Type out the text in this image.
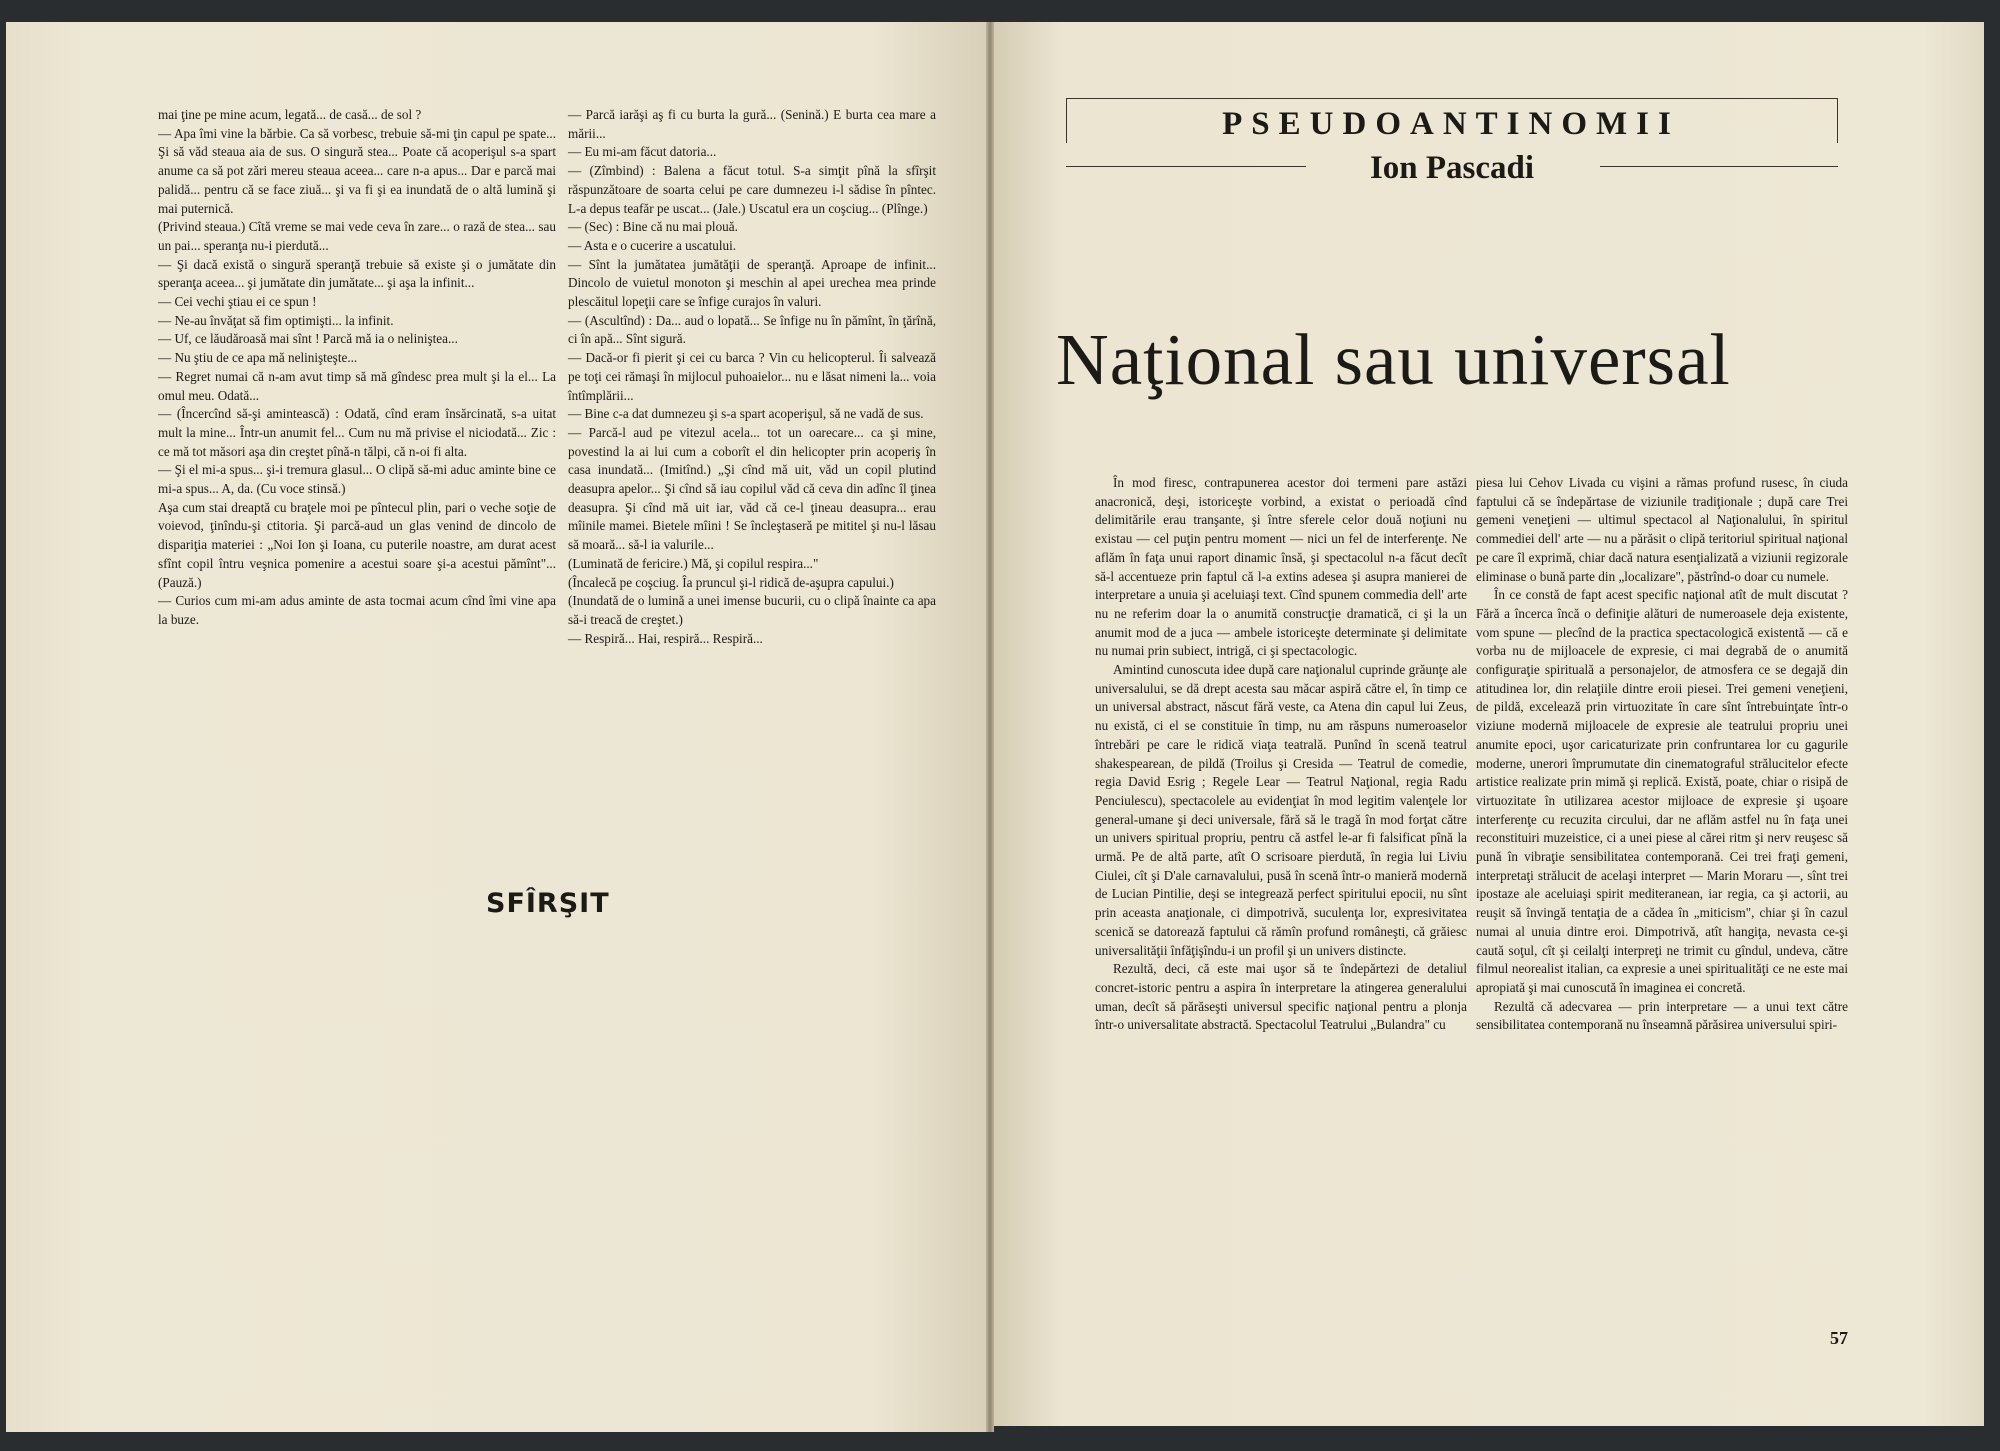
mai ţine pe mine acum, legată... de casă... de sol ?

— Apa îmi vine la bărbie. Ca să vorbesc, trebuie să-mi ţin capul pe spate... Şi să văd steaua aia de sus. O singură stea... Poate că acoperişul s-a spart anume ca să pot zări mereu steaua aceea... care n-a apus... Dar e parcă mai palidă... pentru că se face ziuă... şi va fi şi ea inundată de o altă lumină şi mai puternică.

(Privind steaua.) Cîtă vreme se mai vede ceva în zare... o rază de stea... sau un pai... speranţa nu-i pierdută...

— Şi dacă există o singură speranţă trebuie să existe şi o jumătate din speranţa aceea... şi jumătate din jumătate... şi aşa la infinit...

— Cei vechi ştiau ei ce spun !

— Ne-au învăţat să fim optimişti... la infinit.

— Uf, ce lăudăroasă mai sînt ! Parcă mă ia o neliniştea...

— Nu ştiu de ce apa mă nelinişteşte...

— Regret numai că n-am avut timp să mă gîndesc prea mult şi la el... La omul meu. Odată...

— (Încercînd să-şi amintească) : Odată, cînd eram însărcinată, s-a uitat mult la mine... Într-un anumit fel... Cum nu mă privise el niciodată... Zic : ce mă tot măsori aşa din creştet pînă-n tălpi, că n-oi fi alta.

— Şi el mi-a spus... şi-i tremura glasul... O clipă să-mi aduc aminte bine ce mi-a spus... A, da. (Cu voce stinsă.)

Aşa cum stai dreaptă cu braţele moi pe pîntecul plin, pari o veche soţie de voievod, ţinîndu-şi ctitoria. Şi parcă-aud un glas venind de dincolo de dispariţia materiei : „Noi Ion şi Ioana, cu puterile noastre, am durat acest sfînt copil întru veşnica pomenire a acestui soare şi-a acestui pămînt"... (Pauză.)

— Curios cum mi-am adus aminte de asta tocmai acum cînd îmi vine apa la buze.

— Parcă iarăşi aş fi cu burta la gură... (Senină.) E burta cea mare a mării...

— Eu mi-am făcut datoria...

— (Zîmbind) : Balena a făcut totul. S-a simţit pînă la sfîrşit răspunzătoare de soarta celui pe care dumnezeu i-l sădise în pîntec. L-a depus teafăr pe uscat... (Jale.) Uscatul era un coşciug... (Plînge.)

— (Sec) : Bine că nu mai plouă.

— Asta e o cucerire a uscatului.

— Sînt la jumătatea jumătăţii de speranţă. Aproape de infinit... Dincolo de vuietul monoton şi meschin al apei urechea mea prinde plescăitul lopeţii care se înfige curajos în valuri.

— (Ascultînd) : Da... aud o lopată... Se înfige nu în pămînt, în ţărînă, ci în apă... Sînt sigură.

— Dacă-or fi pierit şi cei cu barca ? Vin cu helicopterul. Îi salvează pe toţi cei rămaşi în mijlocul puhoaielor... nu e lăsat nimeni la... voia întîmplării...

— Bine c-a dat dumnezeu şi s-a spart acoperişul, să ne vadă de sus.

— Parcă-l aud pe vitezul acela... tot un oarecare... ca şi mine, povestind la ai lui cum a coborît el din helicopter prin acoperiş în casa inundată... (Imitînd.) „Şi cînd mă uit, văd un copil plutind deasupra apelor... Şi cînd să iau copilul văd că ceva din adînc îl ţinea deasupra. Şi cînd mă uit iar, văd că ce-l ţineau deasupra... erau mîinile mamei. Bietele mîini ! Se încleştaseră pe mititel şi nu-l lăsau să moară... să-l ia valurile...

(Luminată de fericire.) Mă, şi copilul respira..."

(Încalecă pe coşciug. Îa pruncul şi-l ridică de-aşupra capului.)

(Inundată de o lumină a unei imense bucurii, cu o clipă înainte ca apa să-i treacă de creştet.)

— Respiră... Hai, respiră... Respiră...

SFÎRŞIT
PSEUDOANTINOMII
Ion Pascadi
Naţional sau universal

În mod firesc, contrapunerea acestor doi termeni pare astăzi anacronică, deşi, istoriceşte vorbind, a existat o perioadă cînd delimitările erau tranşante, şi între sferele celor două noţiuni nu existau — cel puţin pentru moment — nici un fel de interferenţe. Ne aflăm în faţa unui raport dinamic însă, şi spectacolul n-a făcut decît să-l accentueze prin faptul că l-a extins adesea şi asupra manierei de interpretare a unuia şi aceluiaşi text. Cînd spunem commedia dell' arte nu ne referim doar la o anumită construcţie dramatică, ci şi la un anumit mod de a juca — ambele istoriceşte determinate şi delimitate nu numai prin subiect, intrigă, ci şi spectacologic.

Amintind cunoscuta idee după care naţionalul cuprinde grăunţe ale universalului, se dă drept acesta sau măcar aspiră către el, în timp ce un universal abstract, născut fără veste, ca Atena din capul lui Zeus, nu există, ci el se constituie în timp, nu am răspuns numeroaselor întrebări pe care le ridică viaţa teatrală. Punînd în scenă teatrul shakespearean, de pildă (Troilus şi Cresida — Teatrul de comedie, regia David Esrig ; Regele Lear — Teatrul Naţional, regia Radu Penciulescu), spectacolele au evidenţiat în mod legitim valenţele lor general-umane şi deci universale, fără să le tragă în mod forţat către un univers spiritual propriu, pentru că astfel le-ar fi falsificat pînă la urmă. Pe de altă parte, atît O scrisoare pierdută, în regia lui Liviu Ciulei, cît şi D'ale carnavalului, pusă în scenă într-o manieră modernă de Lucian Pintilie, deşi se integrează perfect spiritului epocii, nu sînt prin aceasta anaţionale, ci dimpotrivă, suculenţa lor, expresivitatea scenică se datorează faptului că rămîn profund româneşti, că grăiesc universalităţii înfăţişîndu-i un profil şi un univers distincte.

Rezultă, deci, că este mai uşor să te îndepărtezi de detaliul concret-istoric pentru a aspira în interpretare la atingerea generalului uman, decît să părăseşti universul specific naţional pentru a plonja într-o universalitate abstractă. Spectacolul Teatrului „Bulandra" cu

piesa lui Cehov Livada cu vişini a rămas profund rusesc, în ciuda faptului că se îndepărtase de viziunile tradiţionale ; după care Trei gemeni veneţieni — ultimul spectacol al Naţionalului, în spiritul commediei dell' arte — nu a părăsit o clipă teritoriul spiritual naţional pe care îl exprimă, chiar dacă natura esenţializată a viziunii regizorale eliminase o bună parte din „localizare", păstrînd-o doar cu numele.

În ce constă de fapt acest specific naţional atît de mult discutat ? Fără a încerca încă o definiţie alături de numeroasele deja existente, vom spune — plecînd de la practica spectacologică existentă — că e vorba nu de mijloacele de expresie, ci mai degrabă de o anumită configuraţie spirituală a personajelor, de atmosfera ce se degajă din atitudinea lor, din relaţiile dintre eroii piesei. Trei gemeni veneţieni, de pildă, excelează prin virtuozitate în care sînt întrebuinţate într-o viziune modernă mijloacele de expresie ale teatrului propriu unei anumite epoci, uşor caricaturizate prin confruntarea lor cu gagurile moderne, unerori împrumutate din cinematograful strălucitelor efecte artistice realizate prin mimă şi replică. Există, poate, chiar o risipă de virtuozitate în utilizarea acestor mijloace de expresie şi uşoare interferenţe cu recuzita circului, dar ne aflăm astfel nu în faţa unei reconstituiri muzeistice, ci a unei piese al cărei ritm şi nerv reuşesc să pună în vibraţie sensibilitatea contemporană. Cei trei fraţi gemeni, interpretaţi strălucit de acelaşi interpret — Marin Moraru —, sînt trei ipostaze ale aceluiaşi spirit mediteranean, iar regia, ca şi actorii, au reuşit să învingă tentaţia de a cădea în „miticism", chiar şi în cazul numai al unuia dintre eroi. Dimpotrivă, atît hangiţa, nevasta ce-şi caută soţul, cît şi ceilalţi interpreţi ne trimit cu gîndul, undeva, către filmul neorealist italian, ca expresie a unei spiritualităţi ce ne este mai apropiată şi mai cunoscută în imaginea ei concretă.

Rezultă că adecvarea — prin interpretare — a unui text către sensibilitatea contemporană nu înseamnă părăsirea universului spiri-

57
